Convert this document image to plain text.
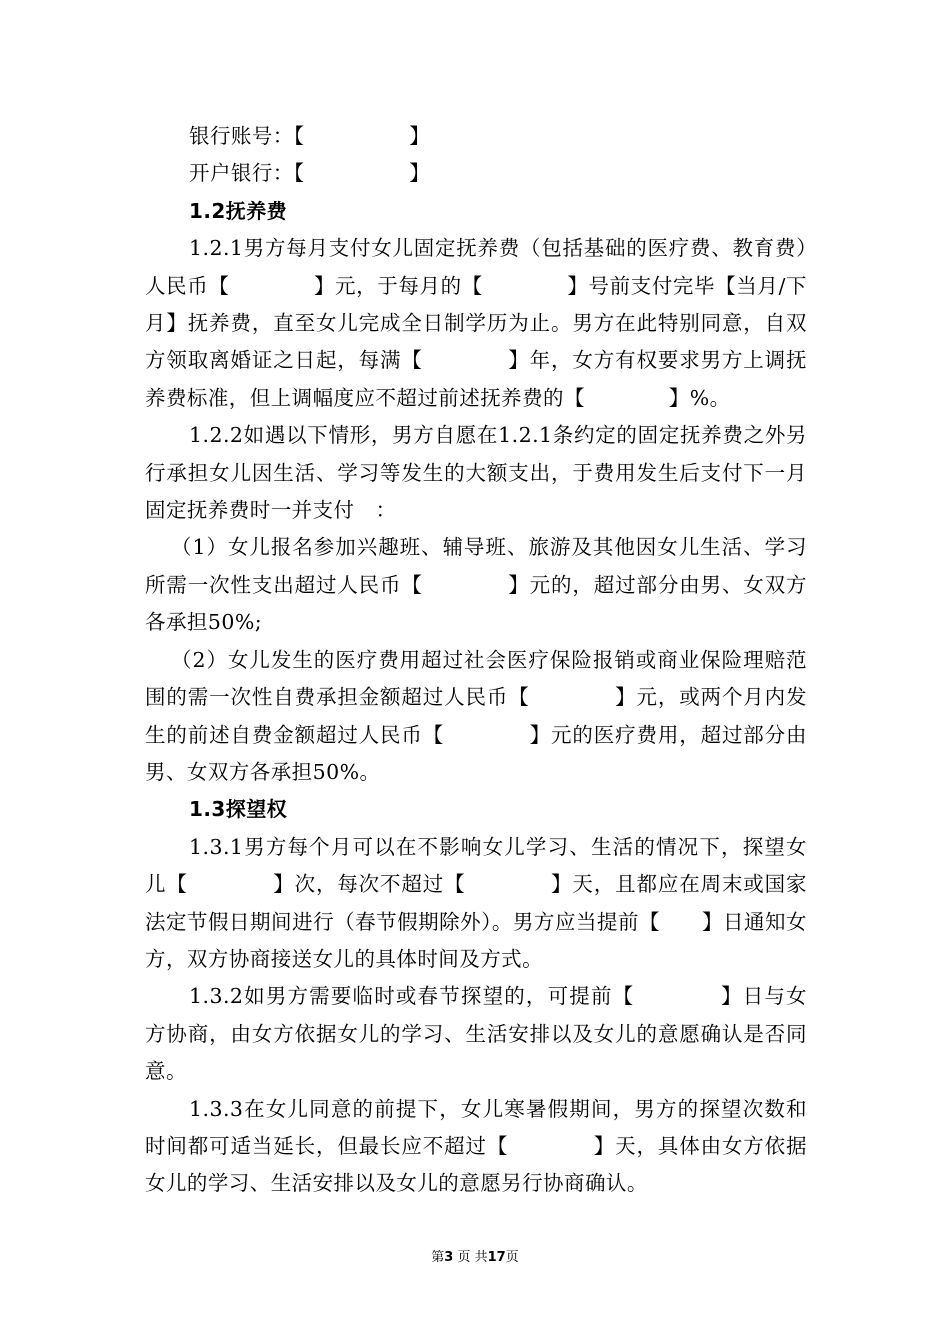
银行账号：【　　　　　】

开户银行：【　　　　　】

1.2抚养费

1.2.1男方每月支付女儿固定抚养费（包括基础的医疗费、教育费）人民币【　　　　】元，于每月的【　　　　】号前支付完毕【当月/下月】抚养费，直至女儿完成全日制学历为止。男方在此特别同意，自双方领取离婚证之日起，每满【　　　　】年，女方有权要求男方上调抚养费标准，但上调幅度应不超过前述抚养费的【　　　　】%。

1.2.2如遇以下情形，男方自愿在1.2.1条约定的固定抚养费之外另行承担女儿因生活、学习等发生的大额支出，于费用发生后支付下一月固定抚养费时一并支付　：

（1）女儿报名参加兴趣班、辅导班、旅游及其他因女儿生活、学习所需一次性支出超过人民币【　　　　】元的，超过部分由男、女双方各承担50%;

（2）女儿发生的医疗费用超过社会医疗保险报销或商业保险理赔范围的需一次性自费承担金额超过人民币【　　　　】元，或两个月内发生的前述自费金额超过人民币【　　　　】元的医疗费用，超过部分由男、女双方各承担50%。

1.3探望权

1.3.1男方每个月可以在不影响女儿学习、生活的情况下，探望女儿【　　　　】次，每次不超过【　　　　】天，且都应在周末或国家法定节假日期间进行（春节假期除外）。男方应当提前【　　】日通知女方，双方协商接送女儿的具体时间及方式。

1.3.2如男方需要临时或春节探望的，可提前【　　　　】日与女方协商，由女方依据女儿的学习、生活安排以及女儿的意愿确认是否同意。

1.3.3在女儿同意的前提下，女儿寒暑假期间，男方的探望次数和时间都可适当延长，但最长应不超过【　　　　】天，具体由女方依据女儿的学习、生活安排以及女儿的意愿另行协商确认。

第3 页 共17页
